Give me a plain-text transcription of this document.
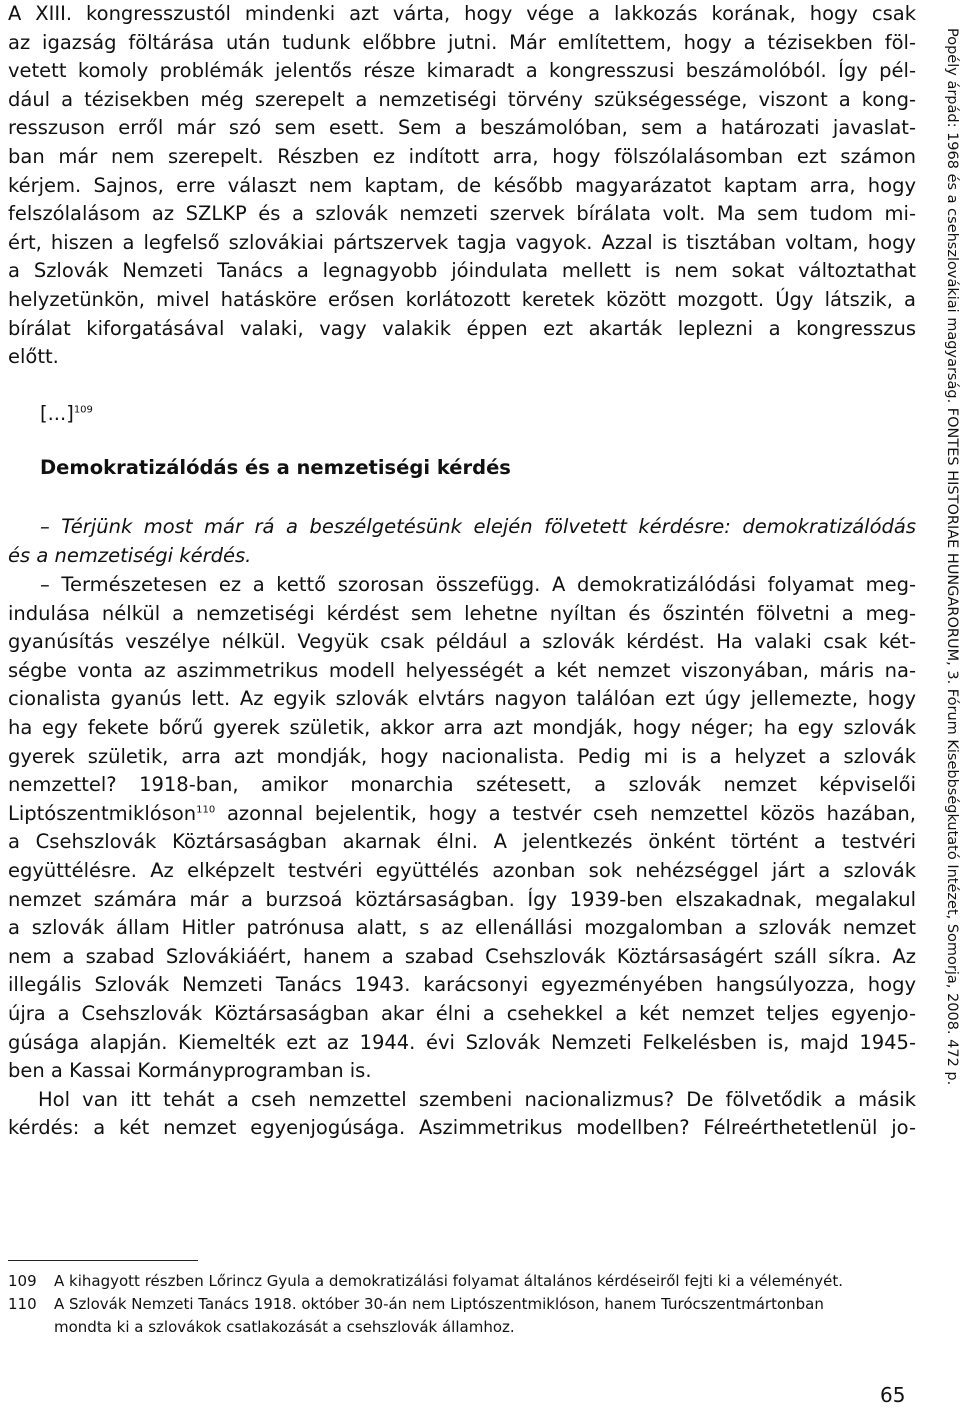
A XIII. kongresszustól mindenki azt várta, hogy vége a lakkozás korának, hogy csak
az igazság föltárása után tudunk előbbre jutni. Már említettem, hogy a tézisekben föl-
vetett komoly problémák jelentős része kimaradt a kongresszusi beszámolóból. Így pél-
dául a tézisekben még szerepelt a nemzetiségi törvény szükségessége, viszont a kong-
resszuson erről már szó sem esett. Sem a beszámolóban, sem a határozati javaslat-
ban már nem szerepelt. Részben ez indított arra, hogy fölszólalásomban ezt számon
kérjem. Sajnos, erre választ nem kaptam, de később magyarázatot kaptam arra, hogy
felszólalásom az SZLKP és a szlovák nemzeti szervek bírálata volt. Ma sem tudom mi-
ért, hiszen a legfelső szlovákiai pártszervek tagja vagyok. Azzal is tisztában voltam, hogy
a Szlovák Nemzeti Tanács a legnagyobb jóindulata mellett is nem sokat változtathat
helyzetünkön, mivel hatásköre erősen korlátozott keretek között mozgott. Úgy látszik, a
bírálat kiforgatásával valaki, vagy valakik éppen ezt akarták leplezni a kongresszus
előtt.
[...]$^{109}$
Demokratizálódás és a nemzetiségi kérdés
– Térjünk most már rá a beszélgetésünk elején fölvetett kérdésre: demokratizálódás
és a nemzetiségi kérdés.
– Természetesen ez a kettő szorosan összefügg. A demokratizálódási folyamat meg-
indulása nélkül a nemzetiségi kérdést sem lehetne nyíltan és őszintén fölvetni a meg-
gyanúsítás veszélye nélkül. Vegyük csak például a szlovák kérdést. Ha valaki csak két-
ségbe vonta az aszimmetrikus modell helyességét a két nemzet viszonyában, máris na-
cionalista gyanús lett. Az egyik szlovák elvtárs nagyon találóan ezt úgy jellemezte, hogy
ha egy fekete bőrű gyerek születik, akkor arra azt mondják, hogy néger; ha egy szlovák
gyerek születik, arra azt mondják, hogy nacionalista. Pedig mi is a helyzet a szlovák
nemzettel? 1918-ban, amikor monarchia szétesett, a szlovák nemzet képviselői
Liptószentmiklóson$^{110}$ azonnal bejelentik, hogy a testvér cseh nemzettel közös hazában,
a Csehszlovák Köztársaságban akarnak élni. A jelentkezés önként történt a testvéri
együttélésre. Az elképzelt testvéri együttélés azonban sok nehézséggel járt a szlovák
nemzet számára már a burzsoá köztársaságban. Így 1939-ben elszakadnak, megalakul
a szlovák állam Hitler patrónusa alatt, s az ellenállási mozgalomban a szlovák nemzet
nem a szabad Szlovákiáért, hanem a szabad Csehszlovák Köztársaságért száll síkra. Az
illegális Szlovák Nemzeti Tanács 1943. karácsonyi egyezményében hangsúlyozza, hogy
újra a Csehszlovák Köztársaságban akar élni a csehekkel a két nemzet teljes egyenjo-
gúsága alapján. Kiemelték ezt az 1944. évi Szlovák Nemzeti Felkelésben is, majd 1945-
ben a Kassai Kormányprogramban is.
Hol van itt tehát a cseh nemzettel szembeni nacionalizmus? De fölvetődik a másik
kérdés: a két nemzet egyenjogúsága. Aszimmetrikus modellben? Félreérthetetlenül jo-
109 A kihagyott részben Lőrincz Gyula a demokratizálási folyamat általános kérdéseiről fejti ki a véleményét.
110 A Szlovák Nemzeti Tanács 1918. október 30-án nem Liptószentmiklóson, hanem Turócszentmártonban
mondta ki a szlovákok csatlakozását a csehszlovák államhoz.
65
Popély árpád: 1968 és a csehszlovákiai magyarság. FONTES HISTORIAE HUNGARORUM, 3. Fórum Kisebbségkutató Intézet, Somorja, 2008. 472 p.
